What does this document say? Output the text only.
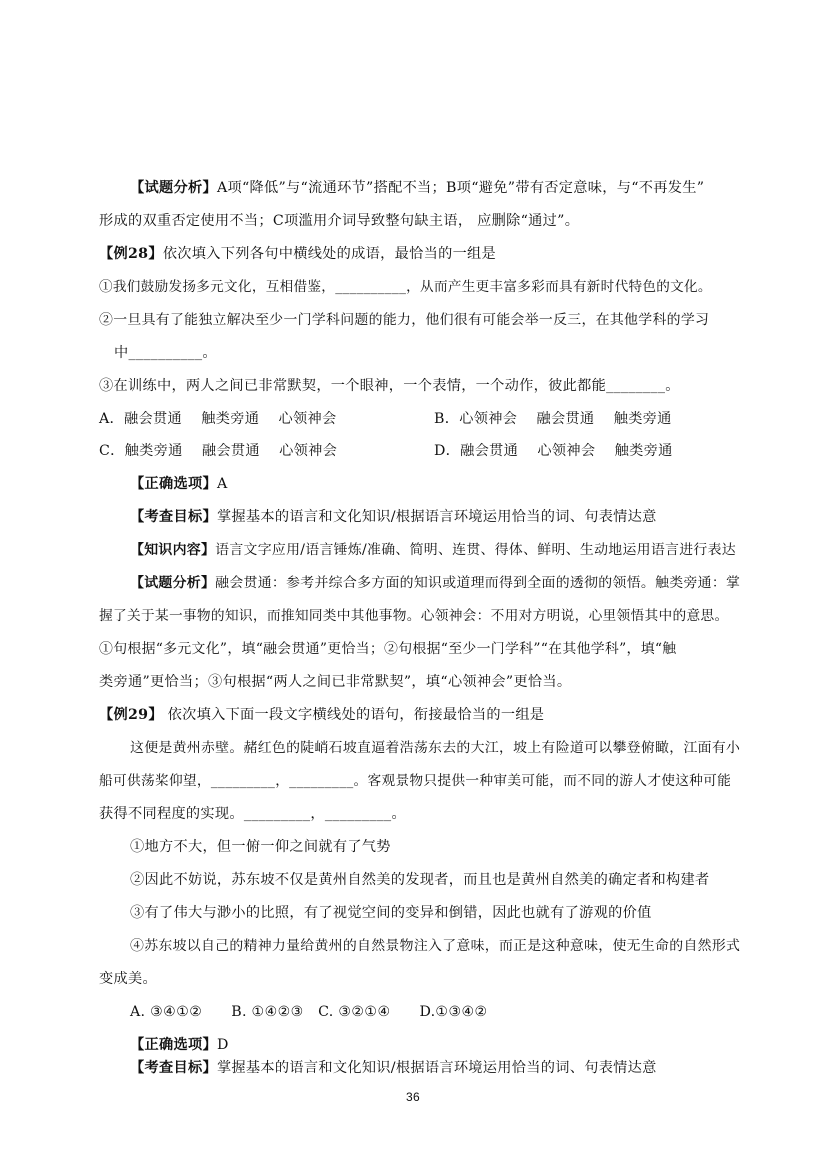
【试题分析】A项“降低”与“流通环节”搭配不当；B项“避免”带有否定意味，与“不再发生”
形成的双重否定使用不当；C项滥用介词导致整句缺主语， 应删除“通过”。
【例28】依次填入下列各句中横线处的成语，最恰当的一组是
①我们鼓励发扬多元文化，互相借鉴，__________，从而产生更丰富多彩而具有新时代特色的文化。
②一旦具有了能独立解决至少一门学科问题的能力，他们很有可能会举一反三，在其他学科的学习
中__________。
③在训练中，两人之间已非常默契，一个眼神，一个表情，一个动作，彼此都能________。
A．融会贯通　 触类旁通　 心领神会	B．心领神会　 融会贯通　 触类旁通
C．触类旁通　 融会贯通　 心领神会	D．融会贯通　 心领神会　 触类旁通
【正确选项】A
【考查目标】掌握基本的语言和文化知识/根据语言环境运用恰当的词、句表情达意
【知识内容】语言文字应用/语言锤炼/准确、简明、连贯、得体、鲜明、生动地运用语言进行表达
【试题分析】融会贯通：参考并综合多方面的知识或道理而得到全面的透彻的领悟。触类旁通：掌
握了关于某一事物的知识，而推知同类中其他事物。心领神会：不用对方明说，心里领悟其中的意思。
①句根据“多元文化”，填“融会贯通”更恰当；②句根据“至少一门学科”“在其他学科”，填“触
类旁通”更恰当；③句根据“两人之间已非常默契”，填“心领神会”更恰当。
【例29】 依次填入下面一段文字横线处的语句，衔接最恰当的一组是
这便是黄州赤壁。赭红色的陡峭石坡直逼着浩荡东去的大江，坡上有险道可以攀登俯瞰，江面有小
船可供荡桨仰望，_________，_________。客观景物只提供一种审美可能，而不同的游人才使这种可能
获得不同程度的实现。_________，_________。
①地方不大，但一俯一仰之间就有了气势
②因此不妨说，苏东坡不仅是黄州自然美的发现者，而且也是黄州自然美的确定者和构建者
③有了伟大与渺小的比照，有了视觉空间的变异和倒错，因此也就有了游观的价值
④苏东坡以自己的精神力量给黄州的自然景物注入了意味，而正是这种意味，使无生命的自然形式
变成美。
A. ③④①②　　B. ①④②③　C. ③②①④　　D.①③④②
【正确选项】D
【考查目标】掌握基本的语言和文化知识/根据语言环境运用恰当的词、句表情达意
36
